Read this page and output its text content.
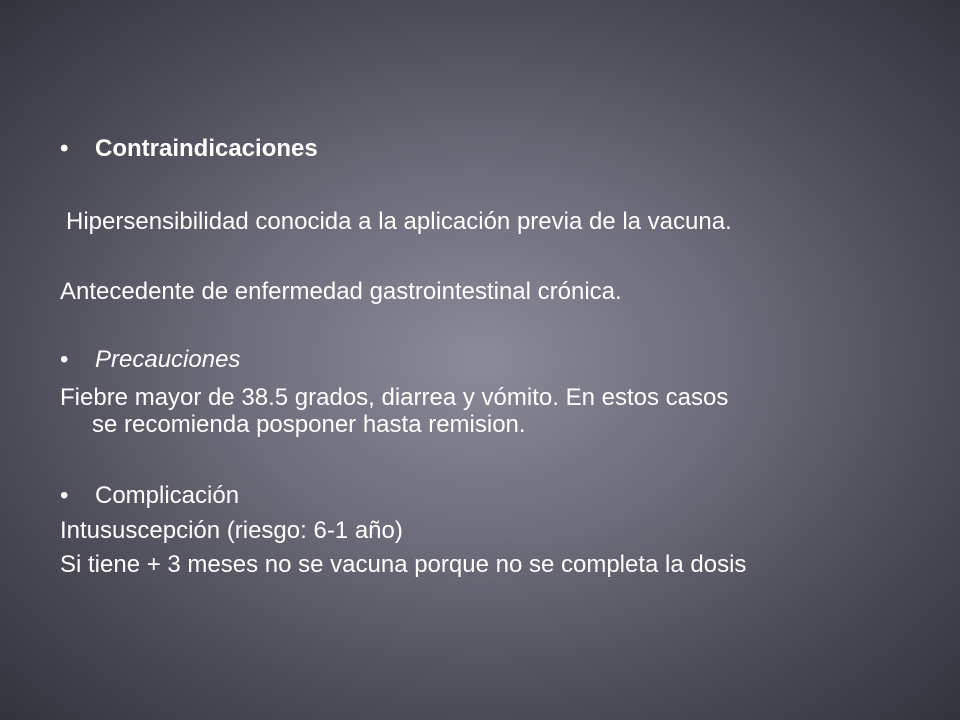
• Contraindicaciones
Hipersensibilidad conocida a la aplicación previa de la vacuna.
Antecedente de enfermedad gastrointestinal crónica.
• Precauciones
Fiebre mayor de 38.5 grados, diarrea y vómito. En estos casos
se recomienda posponer hasta remision.
• Complicación
Intususcepción (riesgo: 6-1 año)
Si tiene + 3 meses no se vacuna porque no se completa la dosis
